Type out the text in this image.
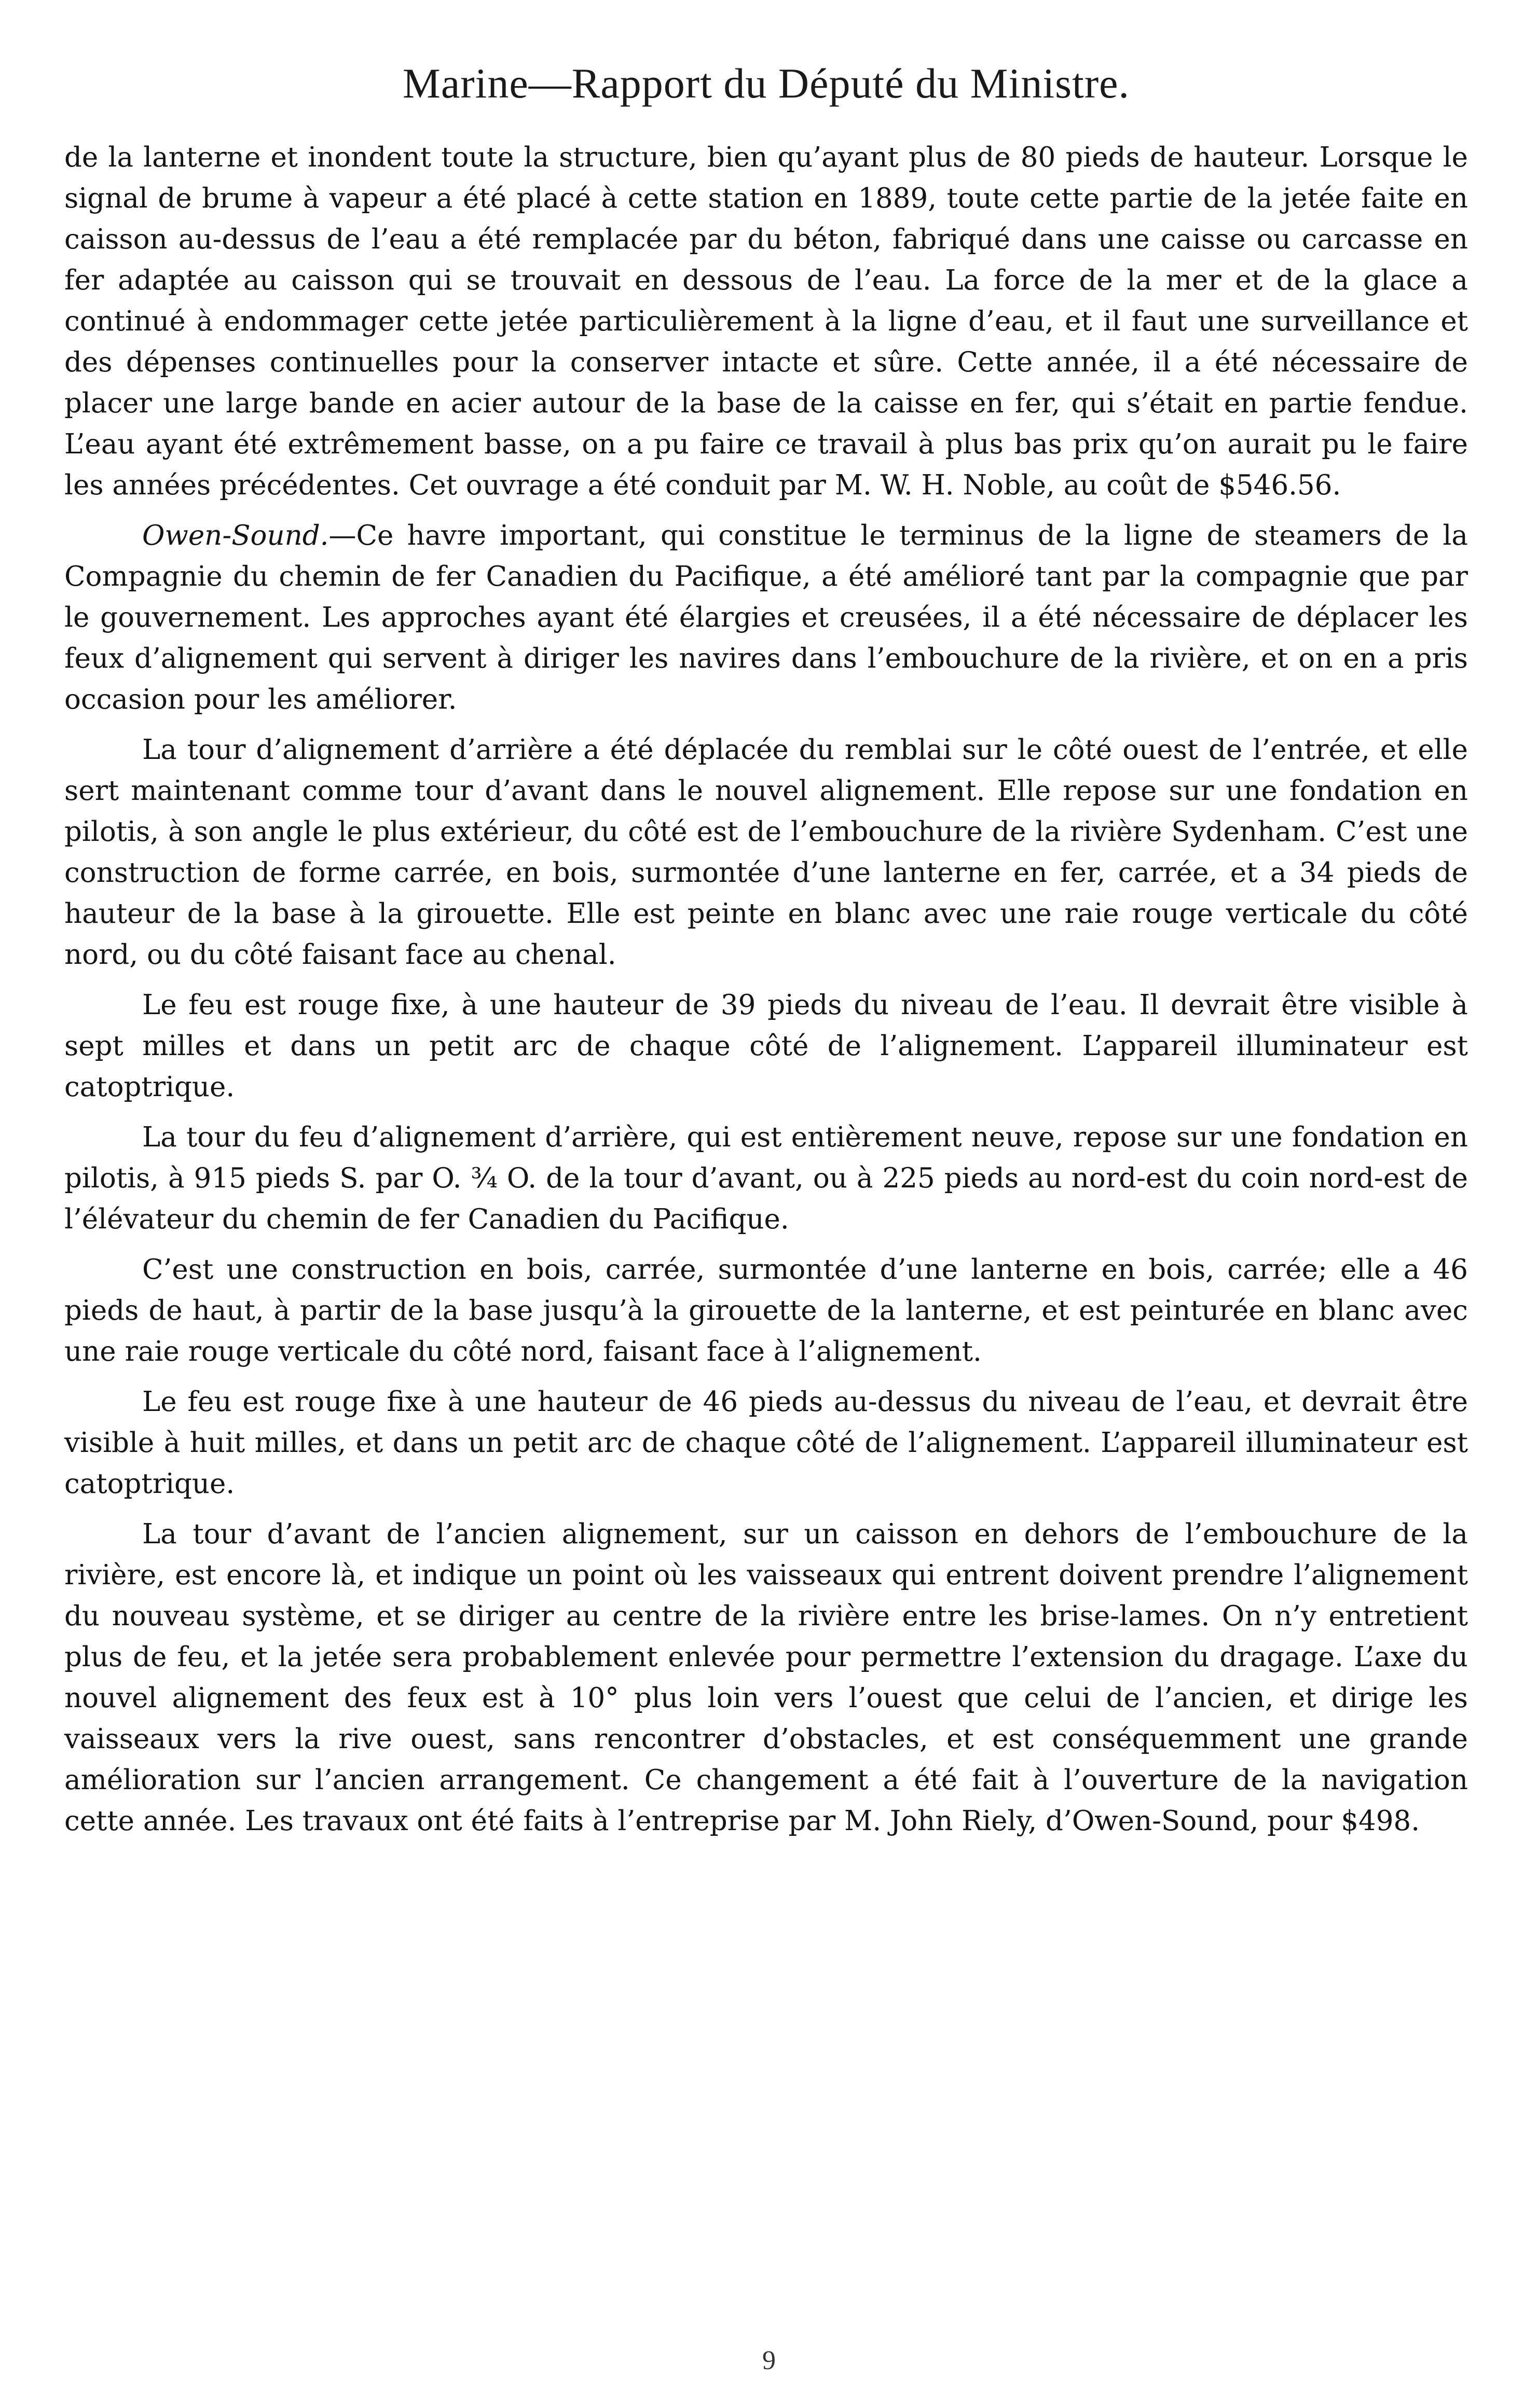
Marine—Rapport du Député du Ministre.

de la lanterne et inondent toute la structure, bien qu’ayant plus de 80 pieds de hauteur. Lorsque le signal de brume à vapeur a été placé à cette station en 1889, toute cette partie de la jetée faite en caisson au-dessus de l’eau a été remplacée par du béton, fabriqué dans une caisse ou carcasse en fer adaptée au caisson qui se trouvait en dessous de l’eau. La force de la mer et de la glace a continué à endommager cette jetée particulièrement à la ligne d’eau, et il faut une surveillance et des dépenses continuelles pour la conserver intacte et sûre. Cette année, il a été nécessaire de placer une large bande en acier autour de la base de la caisse en fer, qui s’était en partie fendue. L’eau ayant été extrêmement basse, on a pu faire ce travail à plus bas prix qu’on aurait pu le faire les années précédentes. Cet ouvrage a été conduit par M. W. H. Noble, au coût de $546.56.

Owen-Sound.—Ce havre important, qui constitue le terminus de la ligne de steamers de la Compagnie du chemin de fer Canadien du Pacifique, a été amélioré tant par la compagnie que par le gouvernement. Les approches ayant été élargies et creusées, il a été nécessaire de déplacer les feux d’alignement qui servent à diriger les navires dans l’embouchure de la rivière, et on en a pris occasion pour les améliorer.

La tour d’alignement d’arrière a été déplacée du remblai sur le côté ouest de l’entrée, et elle sert maintenant comme tour d’avant dans le nouvel alignement. Elle repose sur une fondation en pilotis, à son angle le plus extérieur, du côté est de l’embouchure de la rivière Sydenham. C’est une construction de forme carrée, en bois, surmontée d’une lanterne en fer, carrée, et a 34 pieds de hauteur de la base à la girouette. Elle est peinte en blanc avec une raie rouge verticale du côté nord, ou du côté faisant face au chenal.

Le feu est rouge fixe, à une hauteur de 39 pieds du niveau de l’eau. Il devrait être visible à sept milles et dans un petit arc de chaque côté de l’alignement. L’appareil illuminateur est catoptrique.

La tour du feu d’alignement d’arrière, qui est entièrement neuve, repose sur une fondation en pilotis, à 915 pieds S. par O. ¾ O. de la tour d’avant, ou à 225 pieds au nord-est du coin nord-est de l’élévateur du chemin de fer Canadien du Pacifique.

C’est une construction en bois, carrée, surmontée d’une lanterne en bois, carrée; elle a 46 pieds de haut, à partir de la base jusqu’à la girouette de la lanterne, et est peinturée en blanc avec une raie rouge verticale du côté nord, faisant face à l’alignement.

Le feu est rouge fixe à une hauteur de 46 pieds au-dessus du niveau de l’eau, et devrait être visible à huit milles, et dans un petit arc de chaque côté de l’alignement. L’appareil illuminateur est catoptrique.

La tour d’avant de l’ancien alignement, sur un caisson en dehors de l’embouchure de la rivière, est encore là, et indique un point où les vaisseaux qui entrent doivent prendre l’alignement du nouveau système, et se diriger au centre de la rivière entre les brise-lames. On n’y entretient plus de feu, et la jetée sera probablement enlevée pour permettre l’extension du dragage. L’axe du nouvel alignement des feux est à 10° plus loin vers l’ouest que celui de l’ancien, et dirige les vaisseaux vers la rive ouest, sans rencontrer d’obstacles, et est conséquemment une grande amélioration sur l’ancien arrangement. Ce changement a été fait à l’ouverture de la navigation cette année. Les travaux ont été faits à l’entreprise par M. John Riely, d’Owen-Sound, pour $498.

9
